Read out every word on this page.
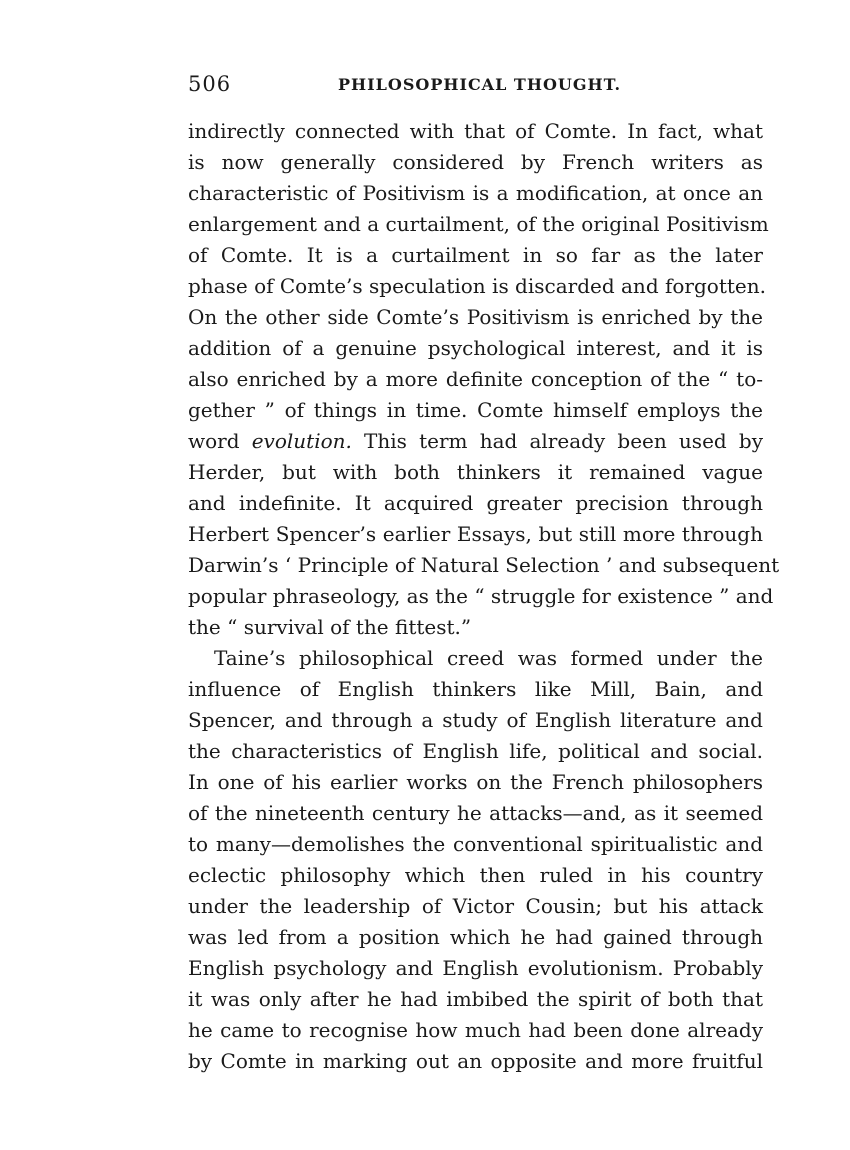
506	PHILOSOPHICAL THOUGHT.
indirectly connected with that of Comte. In fact, what
is now generally considered by French writers as
characteristic of Positivism is a modification, at once an
enlargement and a curtailment, of the original Positivism
of Comte. It is a curtailment in so far as the later
phase of Comte’s speculation is discarded and forgotten.
On the other side Comte’s Positivism is enriched by the
addition of a genuine psychological interest, and it is
also enriched by a more definite conception of the “ to-
gether ” of things in time. Comte himself employs the
word evolution. This term had already been used by
Herder, but with both thinkers it remained vague
and indefinite. It acquired greater precision through
Herbert Spencer’s earlier Essays, but still more through
Darwin’s ‘ Principle of Natural Selection ’ and subsequent
popular phraseology, as the “ struggle for existence ” and
the “ survival of the fittest.”
Taine’s philosophical creed was formed under the
influence of English thinkers like Mill, Bain, and
Spencer, and through a study of English literature and
the characteristics of English life, political and social.
In one of his earlier works on the French philosophers
of the nineteenth century he attacks—and, as it seemed
to many—demolishes the conventional spiritualistic and
eclectic philosophy which then ruled in his country
under the leadership of Victor Cousin; but his attack
was led from a position which he had gained through
English psychology and English evolutionism. Probably
it was only after he had imbibed the spirit of both that
he came to recognise how much had been done already
by Comte in marking out an opposite and more fruitful
